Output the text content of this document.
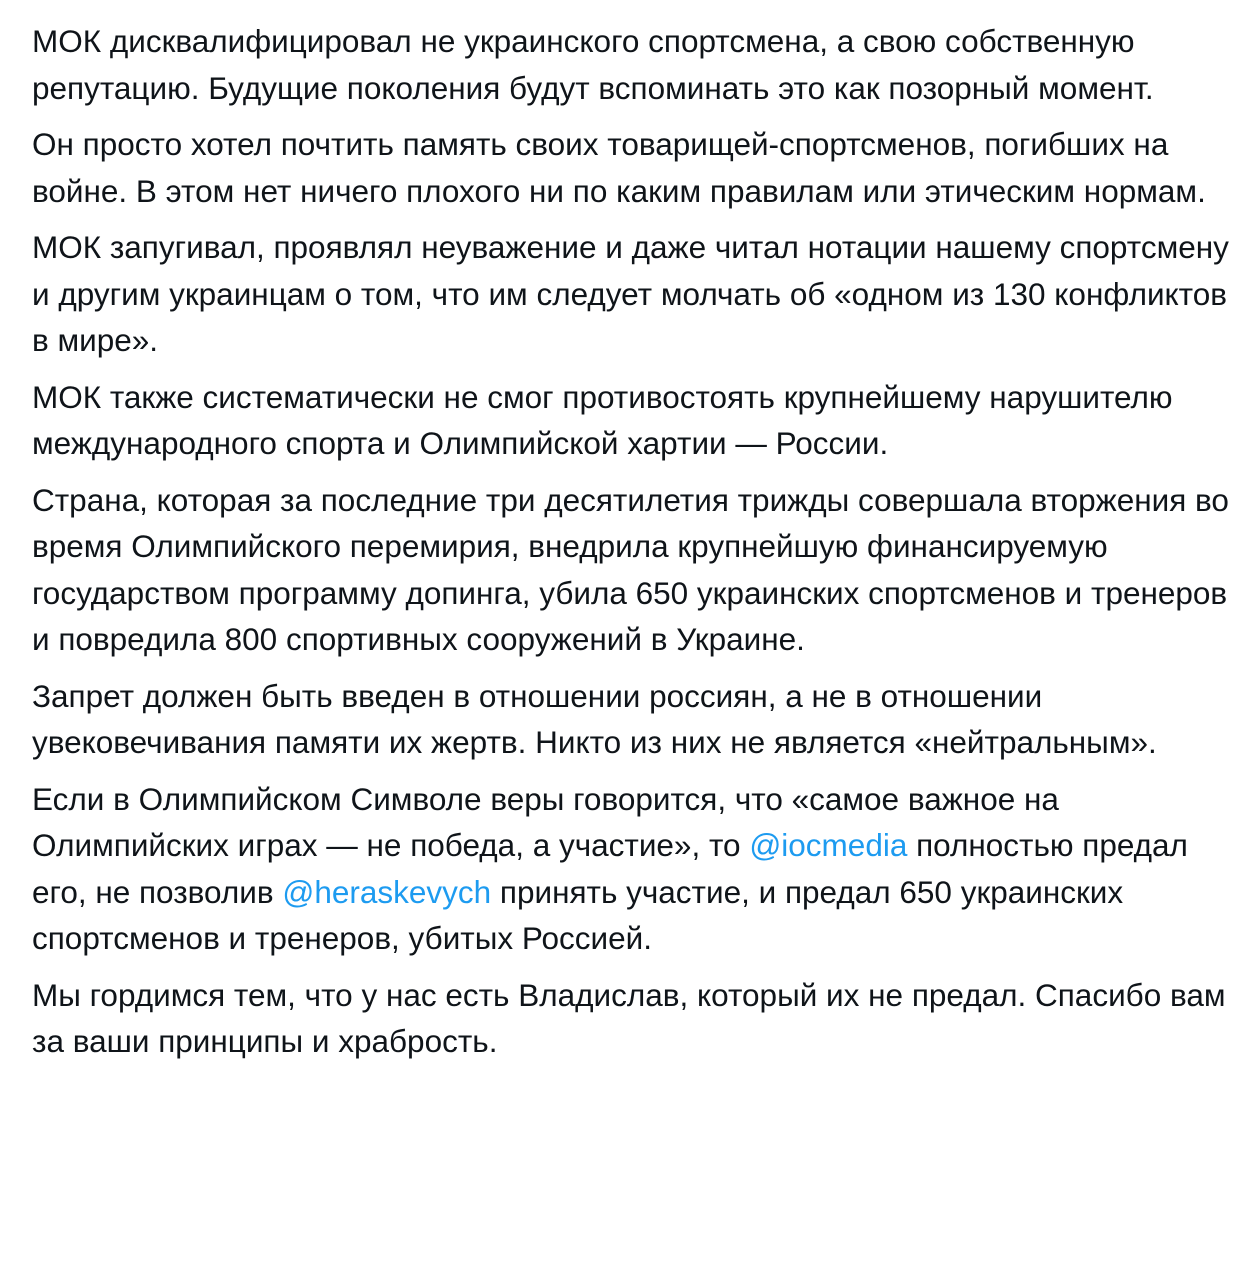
МОК дисквалифицировал не украинского спортсмена, а свою собственную репутацию. Будущие поколения будут вспоминать это как позорный момент.

Он просто хотел почтить память своих товарищей-спортсменов, погибших на войне. В этом нет ничего плохого ни по каким правилам или этическим нормам.

МОК запугивал, проявлял неуважение и даже читал нотации нашему спортсмену и другим украинцам о том, что им следует молчать об «одном из 130 конфликтов в мире».

МОК также систематически не смог противостоять крупнейшему нарушителю международного спорта и Олимпийской хартии — России.

Страна, которая за последние три десятилетия трижды совершала вторжения во время Олимпийского перемирия, внедрила крупнейшую финансируемую государством программу допинга, убила 650 украинских спортсменов и тренеров и повредила 800 спортивных сооружений в Украине.

Запрет должен быть введен в отношении россиян, а не в отношении увековечивания памяти их жертв. Никто из них не является «нейтральным».

Если в Олимпийском Символе веры говорится, что «самое важное на Олимпийских играх — не победа, а участие», то @iocmedia полностью предал его, не позволив @heraskevych принять участие, и предал 650 украинских спортсменов и тренеров, убитых Россией.

Мы гордимся тем, что у нас есть Владислав, который их не предал. Спасибо вам за ваши принципы и храбрость.
